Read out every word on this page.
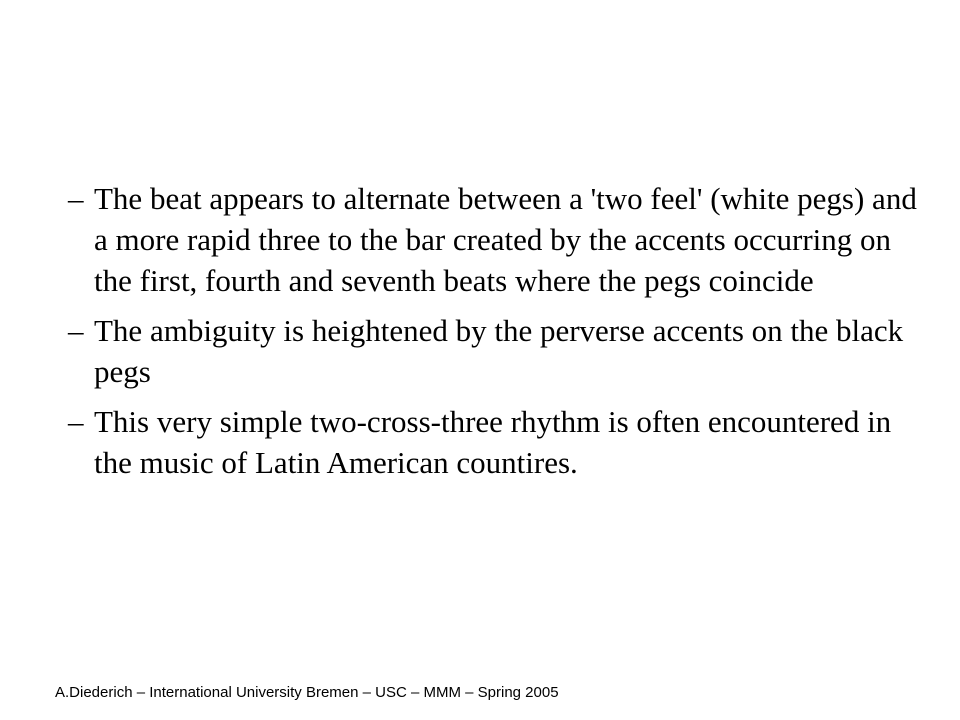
– The beat appears to alternate between a 'two feel' (white pegs) and a more rapid three to the bar created by the accents occurring on the first, fourth and seventh beats where the pegs coincide
– The ambiguity is heightened by the perverse accents on the black pegs
– This very simple two-cross-three rhythm is often encountered in the music of Latin American countires.
A.Diederich – International University Bremen – USC – MMM – Spring 2005
